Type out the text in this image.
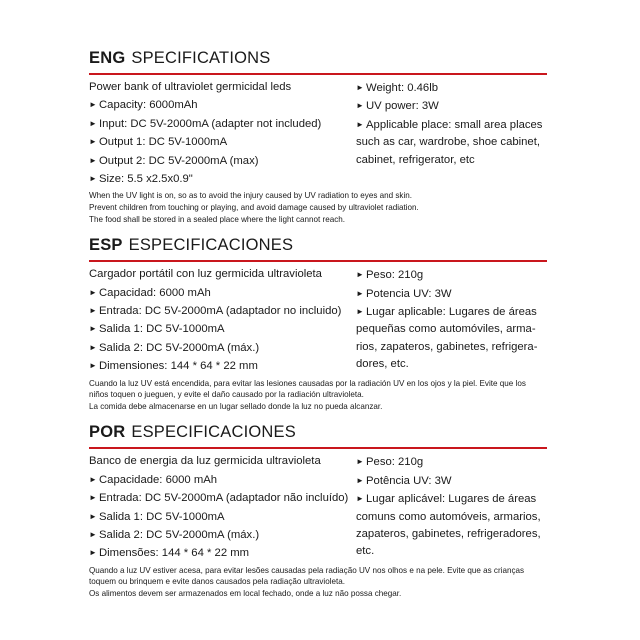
ENG SPECIFICATIONS
Power bank of ultraviolet germicidal leds
► Capacity: 6000mAh
► Input: DC 5V-2000mA (adapter not included)
► Output 1: DC 5V-1000mA
► Output 2: DC 5V-2000mA (max)
► Size: 5.5 x2.5x0.9"
► Weight: 0.46lb
► UV power: 3W
► Applicable place: small area places
such as car, wardrobe, shoe cabinet,
cabinet, refrigerator, etc
When the UV light is on, so as to avoid the injury caused by UV radiation to eyes and skin.
Prevent children from touching or playing, and avoid damage caused by ultraviolet radiation.
The food shall be stored in a sealed place where the light cannot reach.
ESP ESPECIFICACIONES
Cargador portátil con luz germicida ultravioleta
► Capacidad: 6000 mAh
► Entrada: DC 5V-2000mA (adaptador no incluido)
► Salida 1: DC 5V-1000mA
► Salida 2: DC 5V-2000mA (máx.)
► Dimensiones: 144 * 64 * 22 mm
► Peso: 210g
► Potencia UV: 3W
► Lugar aplicable: Lugares de áreas
pequeñas como automóviles, arma-
rios, zapateros, gabinetes, refrigera-
dores, etc.
Cuando la luz UV está encendida, para evitar las lesiones causadas por la radiación UV en los ojos y la piel. Evite que los
niños toquen o jueguen, y evite el daño causado por la radiación ultravioleta.
La comida debe almacenarse en un lugar sellado donde la luz no pueda alcanzar.
POR ESPECIFICACIONES
Banco de energia da luz germicida ultravioleta
► Capacidade: 6000 mAh
► Entrada: DC 5V-2000mA (adaptador não incluído)
► Salida 1: DC 5V-1000mA
► Salida 2: DC 5V-2000mA (máx.)
► Dimensões: 144 * 64 * 22 mm
► Peso: 210g
► Potência UV: 3W
► Lugar aplicável: Lugares de áreas
comuns como automóveis, armarios,
zapateros, gabinetes, refrigeradores,
etc.
Quando a luz UV estiver acesa, para evitar lesões causadas pela radiação UV nos olhos e na pele. Evite que as crianças
toquem ou brinquem e evite danos causados pela radiação ultravioleta.
Os alimentos devem ser armazenados em local fechado, onde a luz não possa chegar.
